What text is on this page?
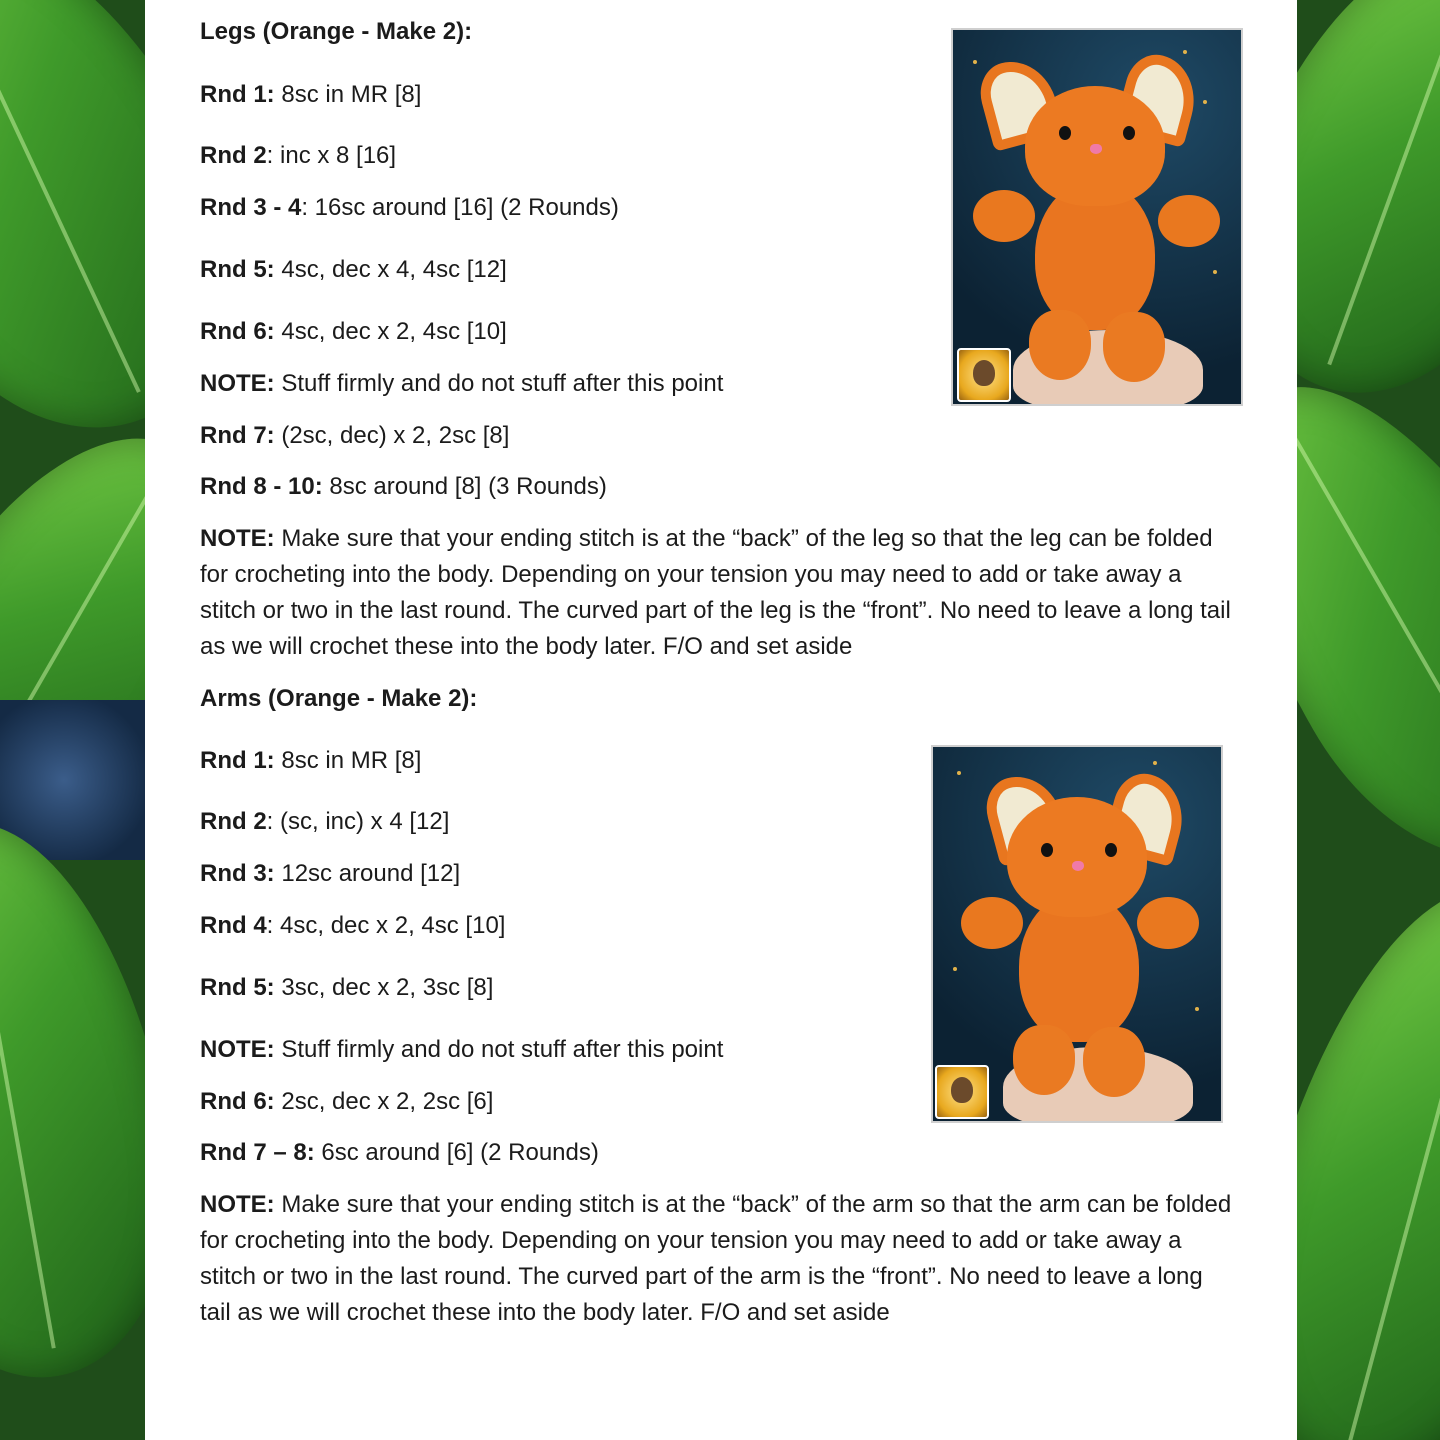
Legs (Orange - Make 2):
Rnd 1: 8sc in MR [8]
Rnd 2: inc x 8 [16]
Rnd 3 - 4: 16sc around [16] (2 Rounds)
Rnd 5: 4sc, dec x 4, 4sc [12]
Rnd 6: 4sc, dec x 2, 4sc [10]
NOTE: Stuff firmly and do not stuff after this point
Rnd 7: (2sc, dec) x 2, 2sc [8]
Rnd 8 - 10: 8sc around [8] (3 Rounds)
NOTE: Make sure that your ending stitch is at the “back” of the leg so that the leg can be folded for crocheting into the body. Depending on your tension you may need to add or take away a stitch or two in the last round. The curved part of the leg is the “front”. No need to leave a long tail as we will crochet these into the body later. F/O and set aside
Arms (Orange - Make 2):
Rnd 1: 8sc in MR [8]
Rnd 2: (sc, inc) x 4 [12]
Rnd 3: 12sc around [12]
Rnd 4: 4sc, dec x 2, 4sc [10]
Rnd 5: 3sc, dec x 2, 3sc [8]
NOTE: Stuff firmly and do not stuff after this point
Rnd 6: 2sc, dec x 2, 2sc [6]
Rnd 7 – 8: 6sc around [6] (2 Rounds)
NOTE: Make sure that your ending stitch is at the “back” of the arm so that the arm can be folded for crocheting into the body. Depending on your tension you may need to add or take away a stitch or two in the last round. The curved part of the arm is the “front”. No need to leave a long tail as we will crochet these into the body later. F/O and set aside
